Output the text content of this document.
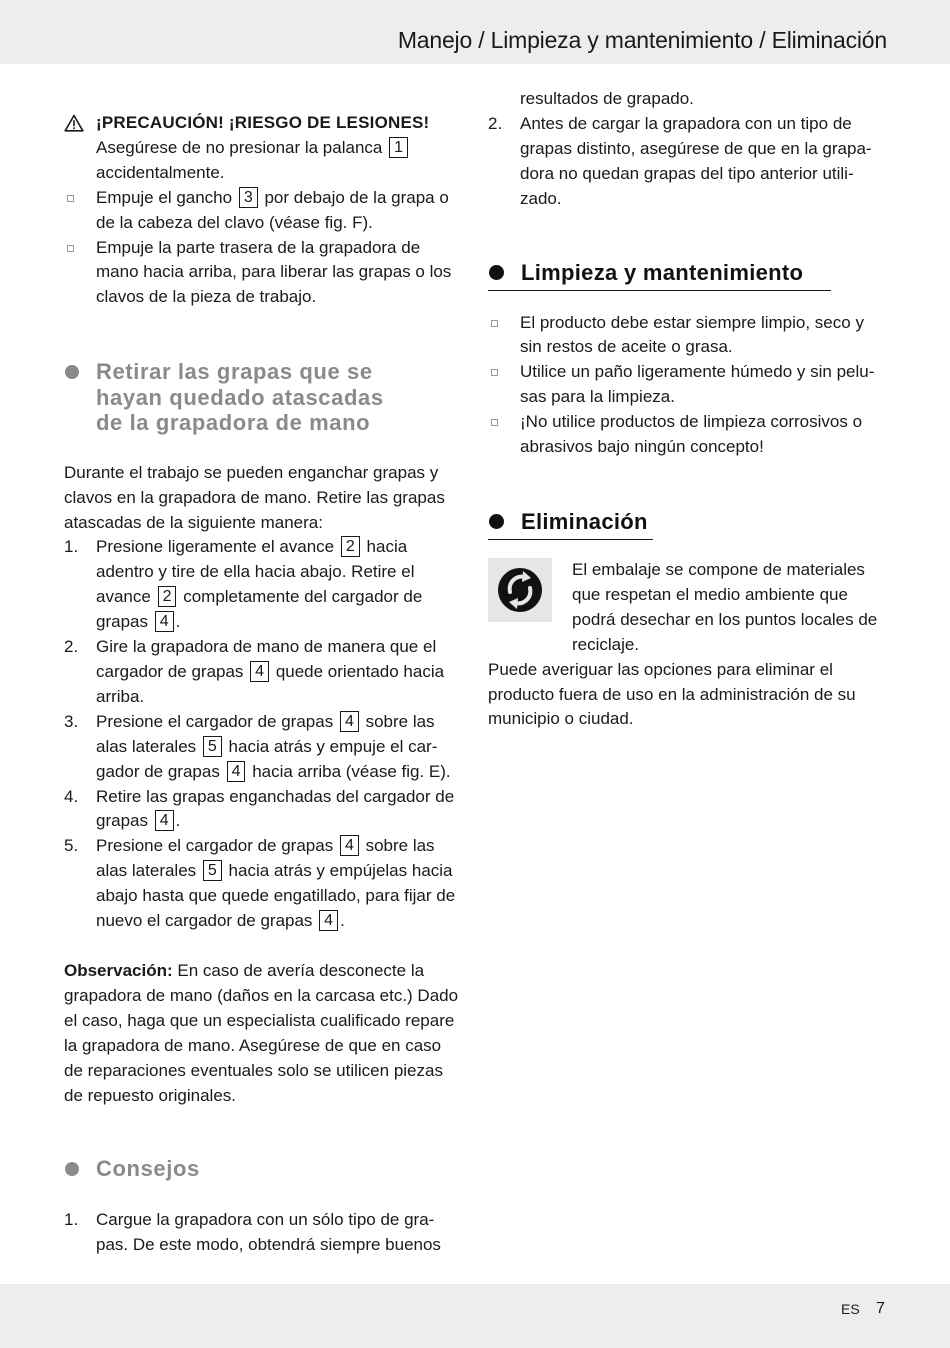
Manejo / Limpieza y mantenimiento / Eliminación
¡PRECAUCIÓN! ¡RIESGO DE LESIONES!

Asegúrese de no presionar la palanca 1 accidentalmente.

Empuje el gancho 3 por debajo de la grapa o de la cabeza del clavo (véase fig. F).
Empuje la parte trasera de la grapadora de mano hacia arriba, para liberar las grapas o los clavos de la pieza de trabajo.
Retirar las grapas que se
hayan quedado atascadas
de la grapadora de mano

Durante el trabajo se pueden enganchar grapas y clavos en la grapadora de mano. Retire las grapas atascadas de la siguiente manera:

1. Presione ligeramente el avance 2 hacia adentro y tire de ella hacia abajo. Retire el avance 2 completamente del cargador de grapas 4 .
2. Gire la grapadora de mano de manera que el cargador de grapas 4 quede orientado hacia arriba.
3. Presione el cargador de grapas 4 sobre las alas laterales 5 hacia atrás y empuje el car-gador de grapas 4 hacia arriba (véase fig. E).
4. Retire las grapas enganchadas del cargador de grapas 4 .
5. Presione el cargador de grapas 4 sobre las alas laterales 5 hacia atrás y empújelas hacia abajo hasta que quede engatillado, para fijar de nuevo el cargador de grapas 4 .

Observación: En caso de avería desconecte la grapadora de mano (daños en la carcasa etc.) Dado el caso, haga que un especialista cualificado repare la grapadora de mano. Asegúrese de que en caso de reparaciones eventuales solo se utilicen piezas de repuesto originales.

Consejos
1. Cargue la grapadora con un sólo tipo de gra-pas. De este modo, obtendrá siempre buenos

resultados de grapado.

2. Antes de cargar la grapadora con un tipo de grapas distinto, asegúrese de que en la grapa-dora no quedan grapas del tipo anterior utili-zado.
Limpieza y mantenimiento
El producto debe estar siempre limpio, seco y sin restos de aceite o grasa.
Utilice un paño ligeramente húmedo y sin pelu-sas para la limpieza.
¡No utilice productos de limpieza corrosivos o abrasivos bajo ningún concepto!
Eliminación

El embalaje se compone de materiales que respetan el medio ambiente que podrá desechar en los puntos locales de reciclaje.

Puede averiguar las opciones para eliminar el producto fuera de uso en la administración de su municipio o ciudad.

ES 7
